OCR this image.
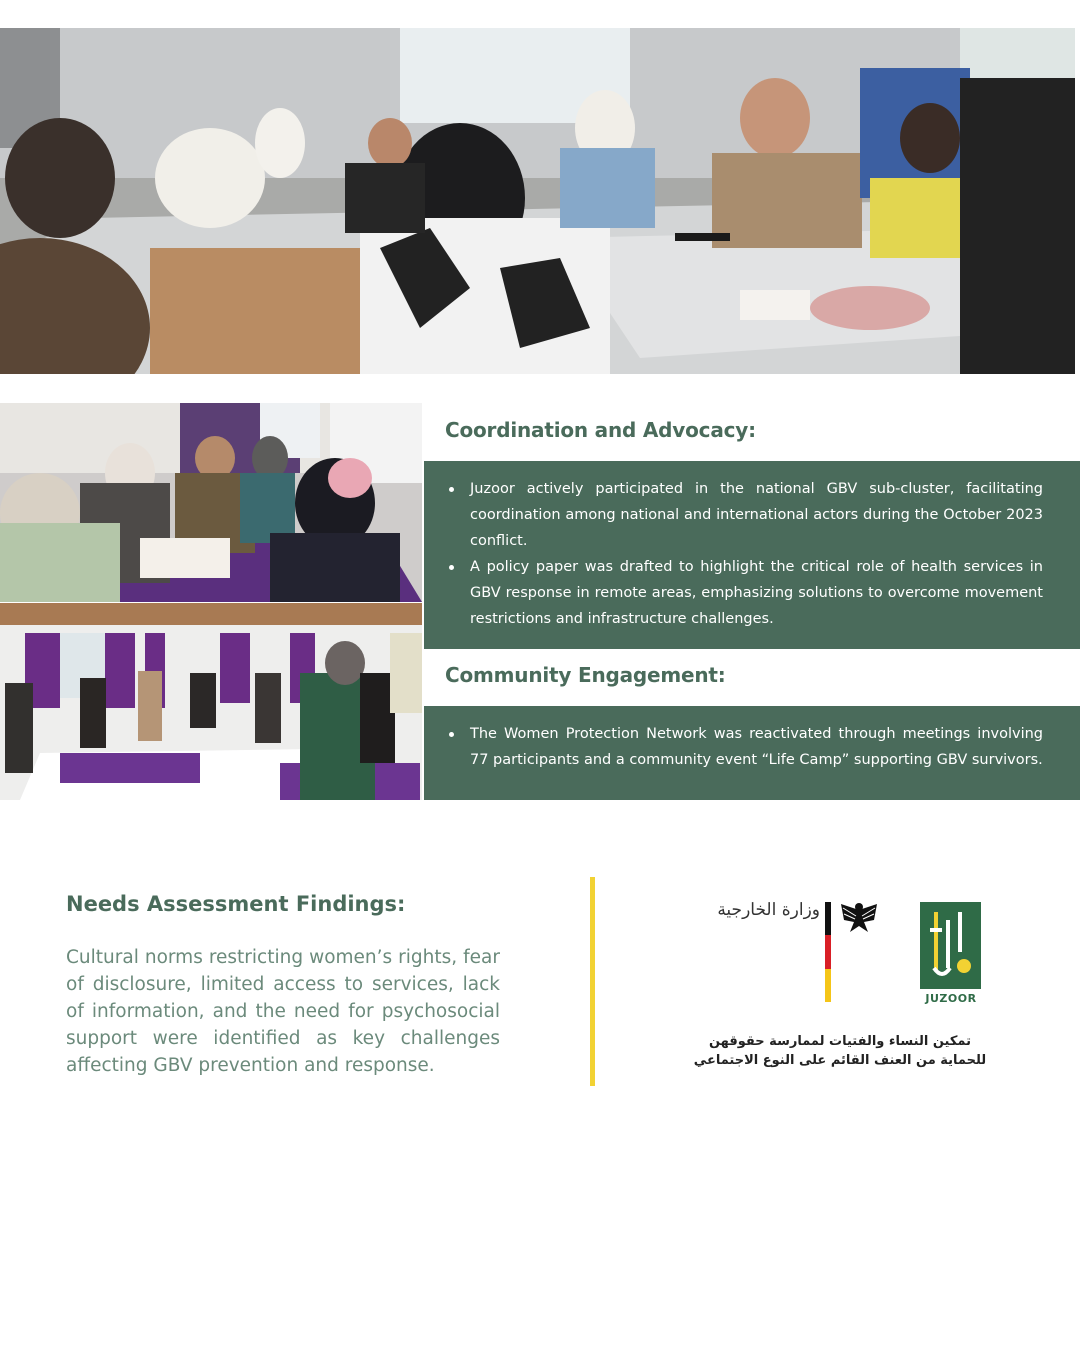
Coordination and Advocacy:
Juzoor actively participated in the national GBV sub-cluster, facilitating coordination among national and international actors during the October 2023 conflict.
A policy paper was drafted to highlight the critical role of health services in GBV response in remote areas, emphasizing solutions to overcome movement restrictions and infrastructure challenges.
Community Engagement:
The Women Protection Network was reactivated through meetings involving 77 participants and a community event “Life Camp” supporting GBV survivors.
Needs Assessment Findings:

Cultural norms restricting women’s rights, fear of disclosure, limited access to services, lack of information, and the need for psychosocial support were identified as key challenges affecting GBV prevention and response.

وزارة الخارجية
JUZOOR
تمكين النساء والفتيات لممارسة حقوقهن
للحماية من العنف القائم على النوع الاجتماعي
